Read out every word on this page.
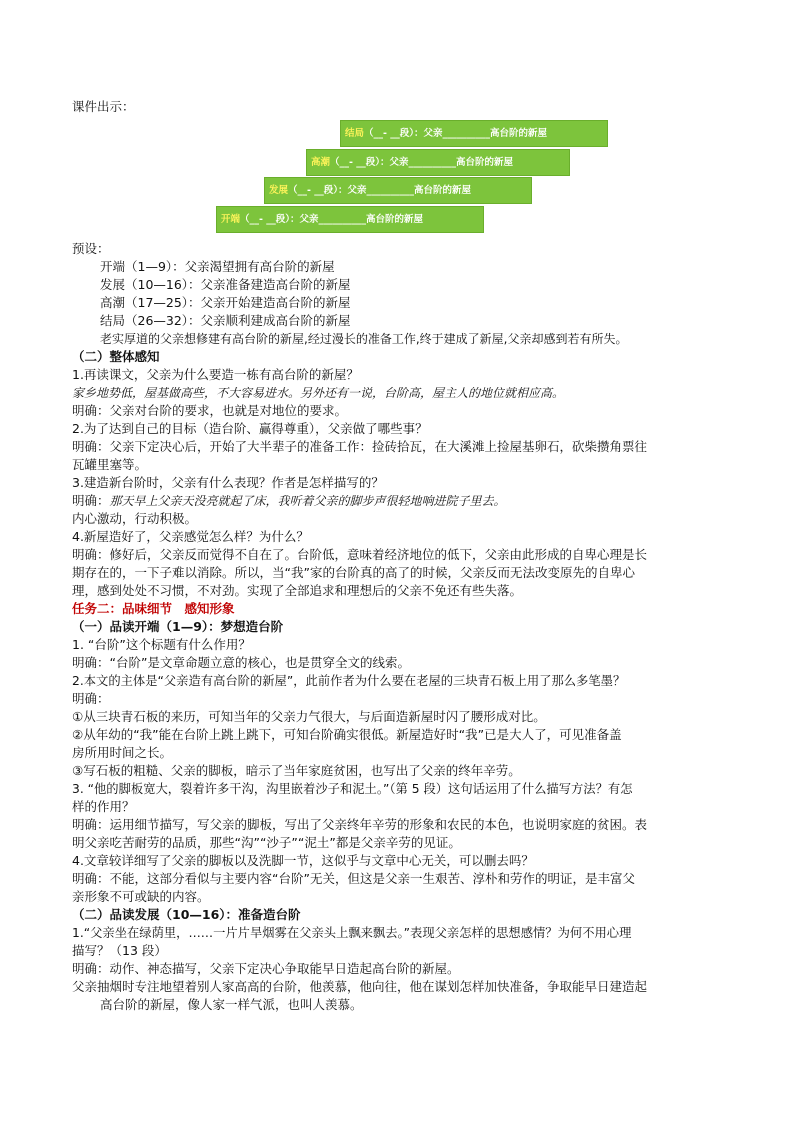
课件出示：
结局（__- __段）：父亲__________高台阶的新屋
高潮（__- __段）：父亲__________高台阶的新屋
发展（__- __段）：父亲__________高台阶的新屋
开端（__- __段）：父亲__________高台阶的新屋
预设：
开端（1—9）：父亲渴望拥有高台阶的新屋
发展（10—16）：父亲准备建造高台阶的新屋
高潮（17—25）：父亲开始建造高台阶的新屋
结局（26—32）：父亲顺利建成高台阶的新屋
老实厚道的父亲想修建有高台阶的新屋,经过漫长的准备工作,终于建成了新屋,父亲却感到若有所失。
（二）整体感知
1.再读课文，父亲为什么要造一栋有高台阶的新屋？
家乡地势低，屋基做高些，不大容易进水。另外还有一说，台阶高，屋主人的地位就相应高。
明确：父亲对台阶的要求，也就是对地位的要求。
2.为了达到自己的目标（造台阶、赢得尊重），父亲做了哪些事？
明确：父亲下定决心后，开始了大半辈子的准备工作：捡砖拾瓦，在大溪滩上捡屋基卵石，砍柴攒角票往
瓦罐里塞等。
3.建造新台阶时，父亲有什么表现？作者是怎样描写的？
明确：那天早上父亲天没亮就起了床，我听着父亲的脚步声很轻地响进院子里去。
内心激动，行动积极。
4.新屋造好了，父亲感觉怎么样？为什么？
明确：修好后，父亲反而觉得不自在了。台阶低，意味着经济地位的低下，父亲由此形成的自卑心理是长
期存在的，一下子难以消除。所以，当“我”家的台阶真的高了的时候，父亲反而无法改变原先的自卑心
理，感到处处不习惯，不对劲。实现了全部追求和理想后的父亲不免还有些失落。
任务二：品味细节　感知形象
（一）品读开端（1—9）：梦想造台阶
1. “台阶”这个标题有什么作用？
明确：“台阶”是文章命题立意的核心，也是贯穿全文的线索。
2.本文的主体是“父亲造有高台阶的新屋”，此前作者为什么要在老屋的三块青石板上用了那么多笔墨？
明确：
①从三块青石板的来历，可知当年的父亲力气很大，与后面造新屋时闪了腰形成对比。
②从年幼的“我”能在台阶上跳上跳下，可知台阶确实很低。新屋造好时“我”已是大人了，可见准备盖
房所用时间之长。
③写石板的粗糙、父亲的脚板，暗示了当年家庭贫困，也写出了父亲的终年辛劳。
3. “他的脚板宽大，裂着许多干沟，沟里嵌着沙子和泥土。”（第 5 段）这句话运用了什么描写方法？有怎
样的作用？
明确：运用细节描写，写父亲的脚板，写出了父亲终年辛劳的形象和农民的本色，也说明家庭的贫困。表
明父亲吃苦耐劳的品质，那些“沟”“沙子”“泥土”都是父亲辛劳的见证。
4.文章较详细写了父亲的脚板以及洗脚一节，这似乎与文章中心无关，可以删去吗？
明确：不能，这部分看似与主要内容“台阶”无关，但这是父亲一生艰苦、淳朴和劳作的明证，是丰富父
亲形象不可或缺的内容。
（二）品读发展（10—16）：准备造台阶
1.“父亲坐在绿荫里，……一片片旱烟雾在父亲头上飘来飘去。”表现父亲怎样的思想感情？为何不用心理
描写？（13 段）
明确：动作、神态描写，父亲下定决心争取能早日造起高台阶的新屋。
父亲抽烟时专注地望着别人家高高的台阶，他羡慕，他向往，他在谋划怎样加快准备，争取能早日建造起
高台阶的新屋，像人家一样气派，也叫人羡慕。
